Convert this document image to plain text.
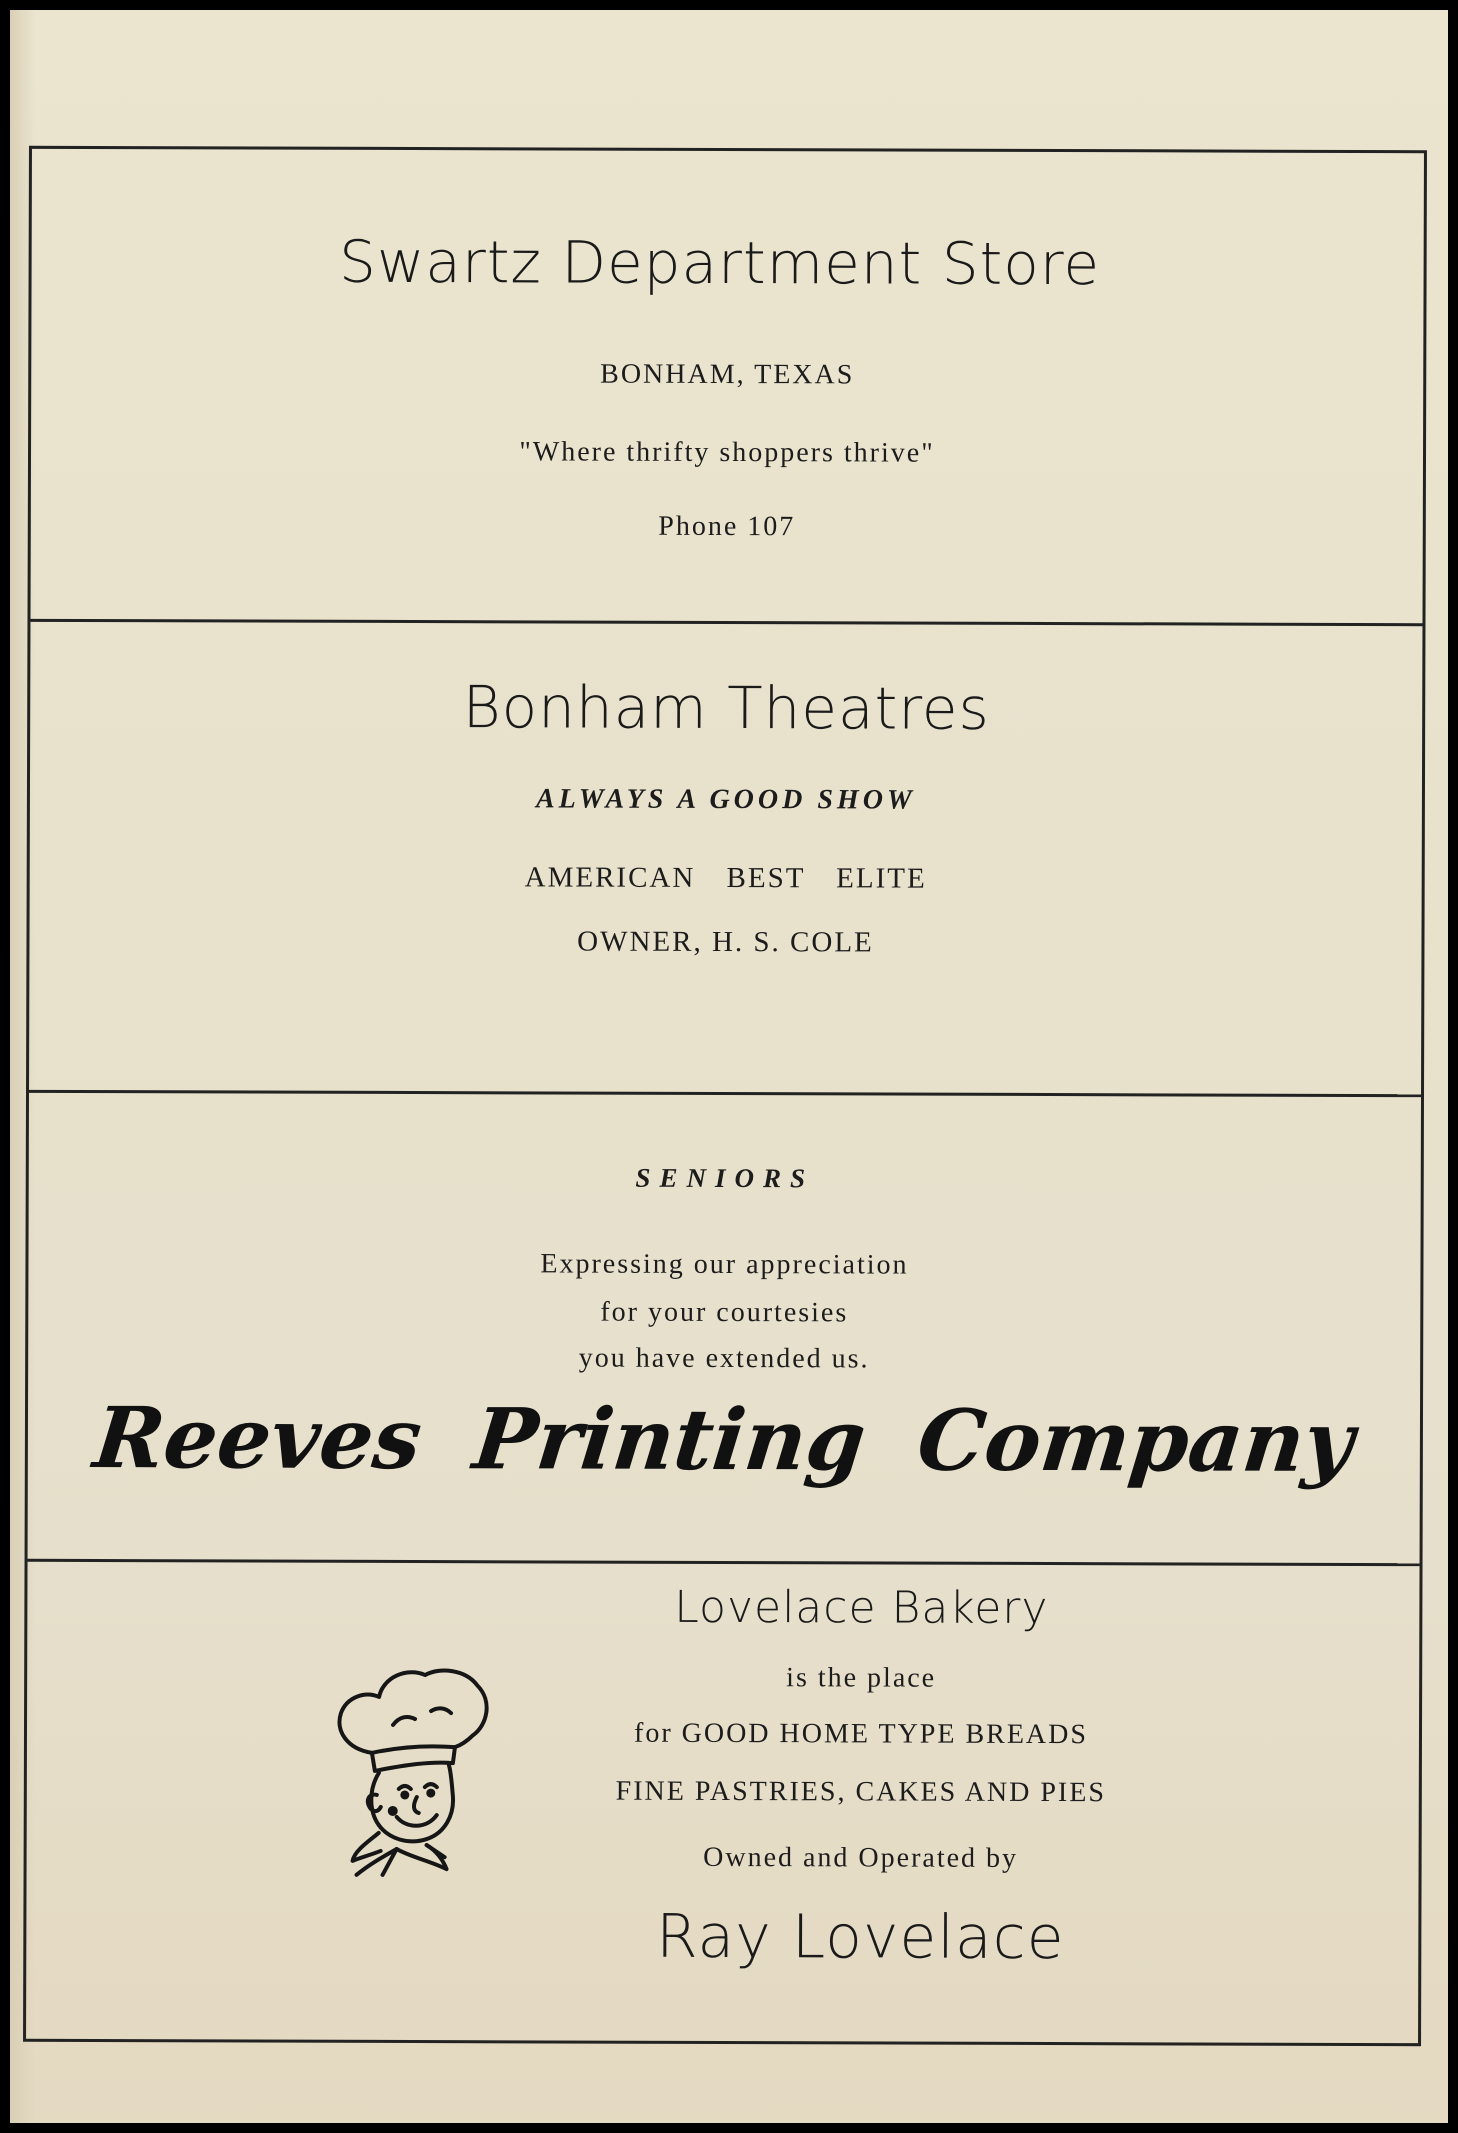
Swartz Department Store
BONHAM, TEXAS
"Where thrifty shoppers thrive"
Phone 107
Bonham Theatres
ALWAYS A GOOD SHOW
AMERICAN BEST ELITE
OWNER, H. S. COLE
SENIORS
Expressing our appreciation
for your courtesies
you have extended us.
Reeves Printing Company
Lovelace Bakery
is the place
for GOOD HOME TYPE BREADS
FINE PASTRIES, CAKES AND PIES
Owned and Operated by
Ray Lovelace
